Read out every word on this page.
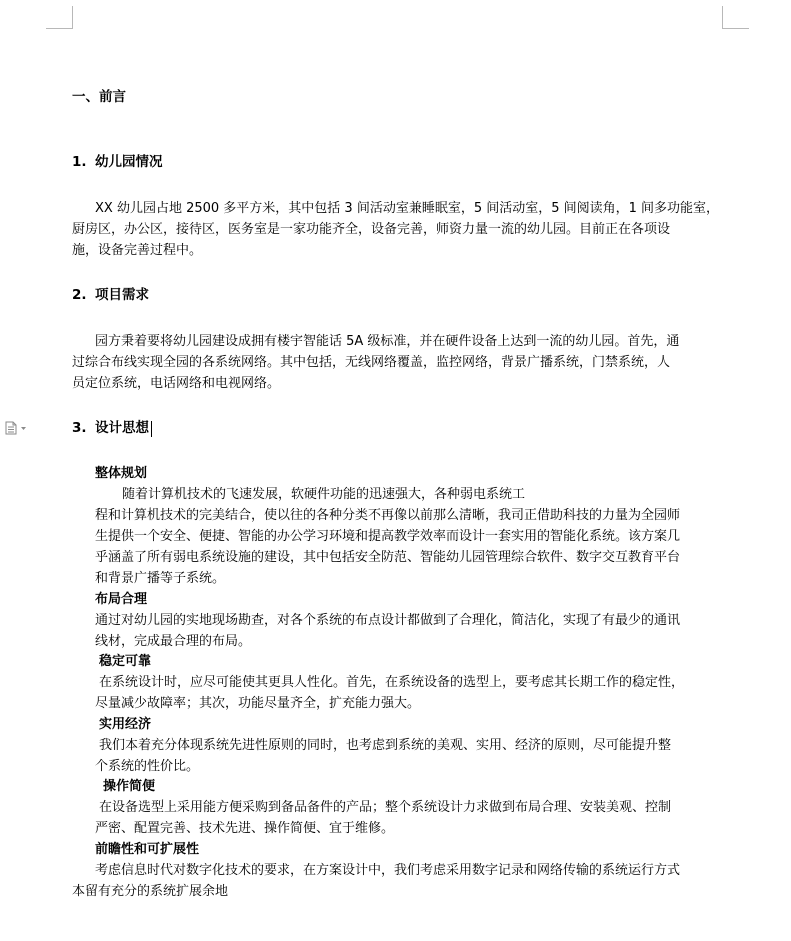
一、前言
1. 幼儿园情况
XX 幼儿园占地 2500 多平方米，其中包括 3 间活动室兼睡眠室，5 间活动室，5 间阅读角，1 间多功能室，
厨房区，办公区，接待区，医务室是一家功能齐全，设备完善，师资力量一流的幼儿园。目前正在各项设
施，设备完善过程中。
2. 项目需求
园方秉着要将幼儿园建设成拥有楼宇智能话 5A 级标准，并在硬件设备上达到一流的幼儿园。首先，通
过综合布线实现全园的各系统网络。其中包括，无线网络覆盖，监控网络，背景广播系统，门禁系统，人
员定位系统，电话网络和电视网络。
3. 设计思想
整体规划
随着计算机技术的飞速发展，软硬件功能的迅速强大，各种弱电系统工
程和计算机技术的完美结合，使以往的各种分类不再像以前那么清晰，我司正借助科技的力量为全园师
生提供一个安全、便捷、智能的办公学习环境和提高教学效率而设计一套实用的智能化系统。该方案几
乎涵盖了所有弱电系统设施的建设，其中包括安全防范、智能幼儿园管理综合软件、数字交互教育平台
和背景广播等子系统。
布局合理
通过对幼儿园的实地现场勘查，对各个系统的布点设计都做到了合理化，简洁化，实现了有最少的通讯
线材，完成最合理的布局。
稳定可靠
在系统设计时，应尽可能使其更具人性化。首先，在系统设备的选型上，要考虑其长期工作的稳定性，
尽量减少故障率；其次，功能尽量齐全，扩充能力强大。
实用经济
我们本着充分体现系统先进性原则的同时，也考虑到系统的美观、实用、经济的原则，尽可能提升整
个系统的性价比。
操作简便
在设备选型上采用能方便采购到备品备件的产品；整个系统设计力求做到布局合理、安装美观、控制
严密、配置完善、技术先进、操作简便、宜于维修。
前瞻性和可扩展性
考虑信息时代对数字化技术的要求，在方案设计中，我们考虑采用数字记录和网络传输的系统运行方式
本留有充分的系统扩展余地
